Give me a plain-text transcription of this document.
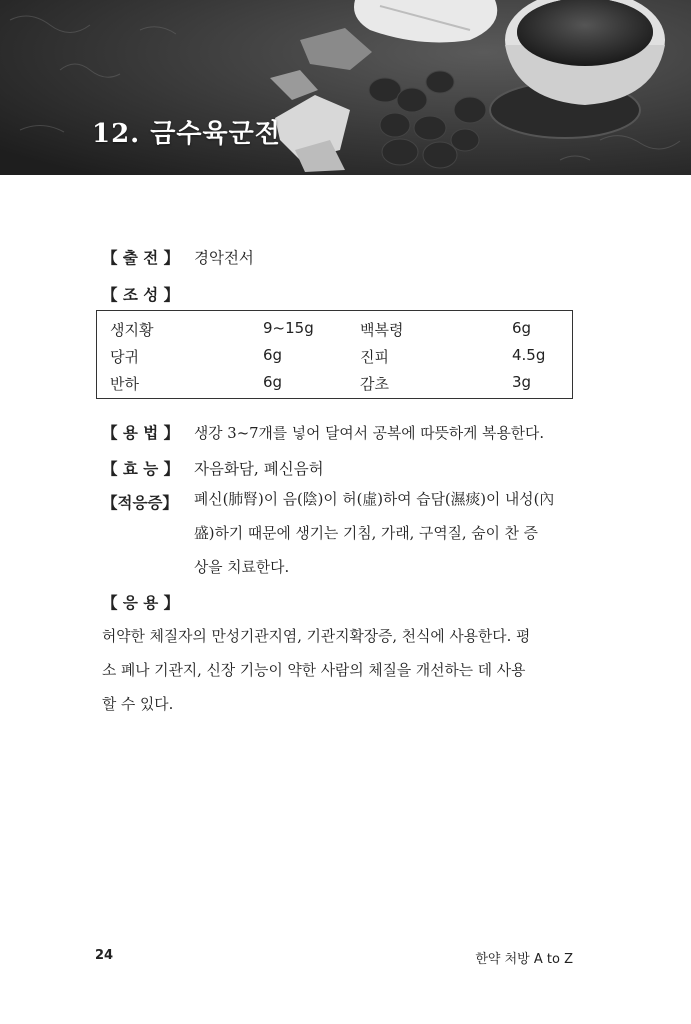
12. 금수육군전
【 출 전 】 경악전서
【 조 성 】
생지황	9~15g	백복령	6g
당귀	6g	진피	4.5g
반하	6g	감초	3g
【 용 법 】 생강 3~7개를 넣어 달여서 공복에 따뜻하게 복용한다.
【 효 능 】 자음화담, 폐신음허
【적응증】	폐신(肺腎)이 음(陰)이 허(虛)하여 습담(濕痰)이 내성(內
盛)하기 때문에 생기는 기침, 가래, 구역질, 숨이 찬 증
상을 치료한다.
【 응 용 】
허약한 체질자의 만성기관지염, 기관지확장증, 천식에 사용한다. 평
소 폐나 기관지, 신장 기능이 약한 사람의 체질을 개선하는 데 사용
할 수 있다.
24	한약 처방 A to Z
